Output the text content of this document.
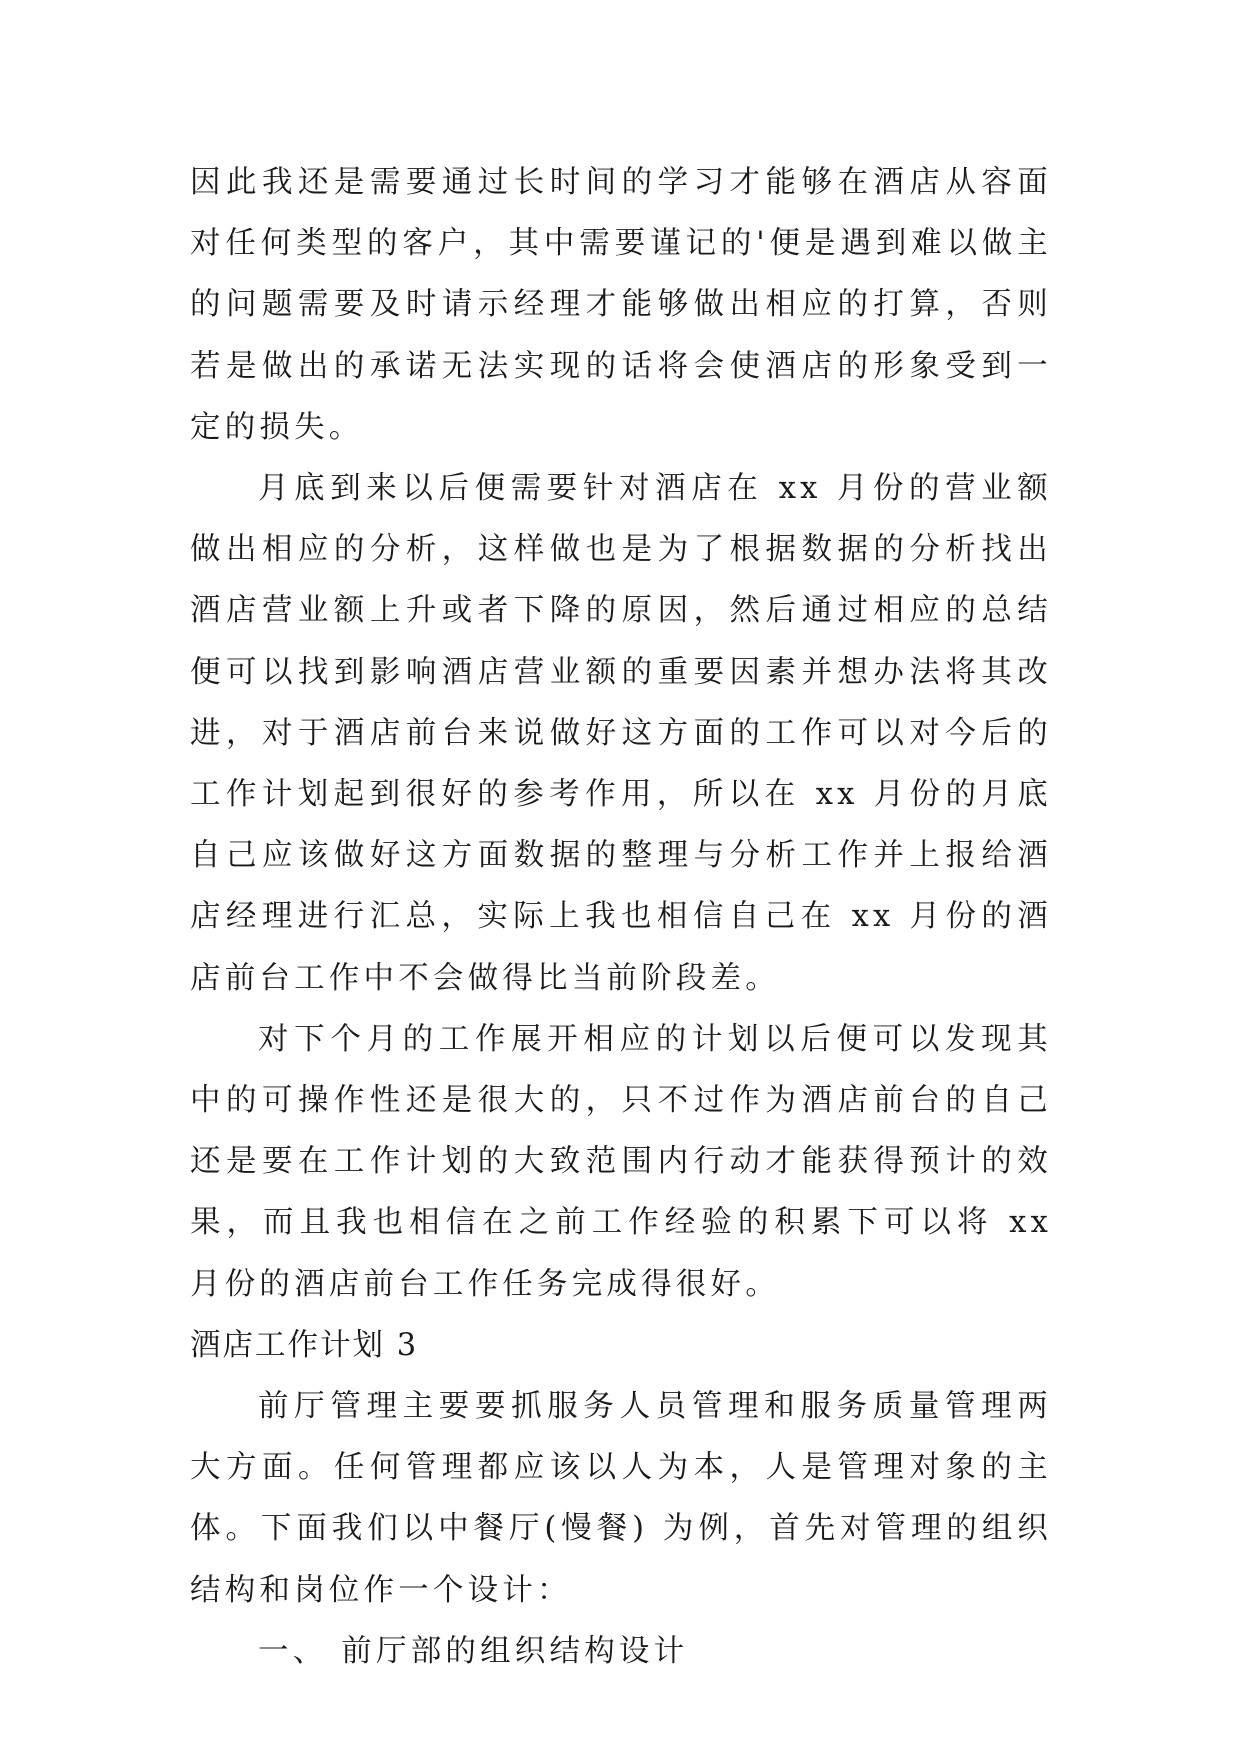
因此我还是需要通过长时间的学习才能够在酒店从容面对任何类型的客户，其中需要谨记的'便是遇到难以做主的问题需要及时请示经理才能够做出相应的打算，否则若是做出的承诺无法实现的话将会使酒店的形象受到一定的损失。

月底到来以后便需要针对酒店在 xx 月份的营业额做出相应的分析，这样做也是为了根据数据的分析找出酒店营业额上升或者下降的原因，然后通过相应的总结便可以找到影响酒店营业额的重要因素并想办法将其改进，对于酒店前台来说做好这方面的工作可以对今后的工作计划起到很好的参考作用，所以在 xx 月份的月底自己应该做好这方面数据的整理与分析工作并上报给酒店经理进行汇总，实际上我也相信自己在 xx 月份的酒店前台工作中不会做得比当前阶段差。

对下个月的工作展开相应的计划以后便可以发现其中的可操作性还是很大的，只不过作为酒店前台的自己还是要在工作计划的大致范围内行动才能获得预计的效果，而且我也相信在之前工作经验的积累下可以将 xx 月份的酒店前台工作任务完成得很好。

酒店工作计划 3

前厅管理主要要抓服务人员管理和服务质量管理两大方面。任何管理都应该以人为本，人是管理对象的主体。下面我们以中餐厅(慢餐) 为例，首先对管理的组织结构和岗位作一个设计：

一、 前厅部的组织结构设计
